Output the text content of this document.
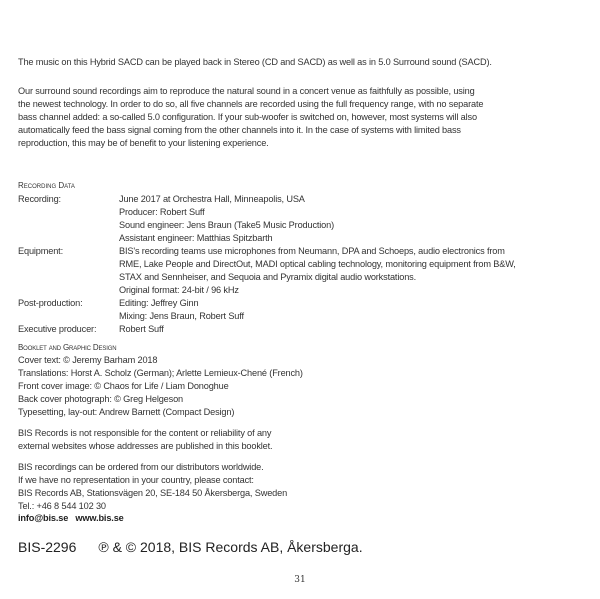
The music on this Hybrid SACD can be played back in Stereo (CD and SACD) as well as in 5.0 Surround sound (SACD).
Our surround sound recordings aim to reproduce the natural sound in a concert venue as faithfully as possible, using
the newest technology. In order to do so, all five channels are recorded using the full frequency range, with no separate
bass channel added: a so-called 5.0 configuration. If your sub-woofer is switched on, however, most systems will also
automatically feed the bass signal coming from the other channels into it. In the case of systems with limited bass
reproduction, this may be of benefit to your listening experience.
Recording Data
Recording:	June 2017 at Orchestra Hall, Minneapolis, USA
Producer: Robert Suff
Sound engineer: Jens Braun (Take5 Music Production)
Assistant engineer: Matthias Spitzbarth
Equipment:	BIS's recording teams use microphones from Neumann, DPA and Schoeps, audio electronics from
RME, Lake People and DirectOut, MADI optical cabling technology, monitoring equipment from B&W,
STAX and Sennheiser, and Sequoia and Pyramix digital audio workstations.
Original format: 24-bit / 96 kHz
Post-production:	Editing: Jeffrey Ginn
Mixing: Jens Braun, Robert Suff
Executive producer: Robert Suff
Booklet and Graphic Design
Cover text: © Jeremy Barham 2018
Translations: Horst A. Scholz (German); Arlette Lemieux-Chené (French)
Front cover image: © Chaos for Life / Liam Donoghue
Back cover photograph: © Greg Helgeson
Typesetting, lay-out: Andrew Barnett (Compact Design)
BIS Records is not responsible for the content or reliability of any
external websites whose addresses are published in this booklet.
BIS recordings can be ordered from our distributors worldwide.
If we have no representation in your country, please contact:
BIS Records AB, Stationsvägen 20, SE-184 50 Åkersberga, Sweden
Tel.: +46 8 544 102 30
info@bis.se www.bis.se
BIS-2296 ℗ & © 2018, BIS Records AB, Åkersberga.
31
